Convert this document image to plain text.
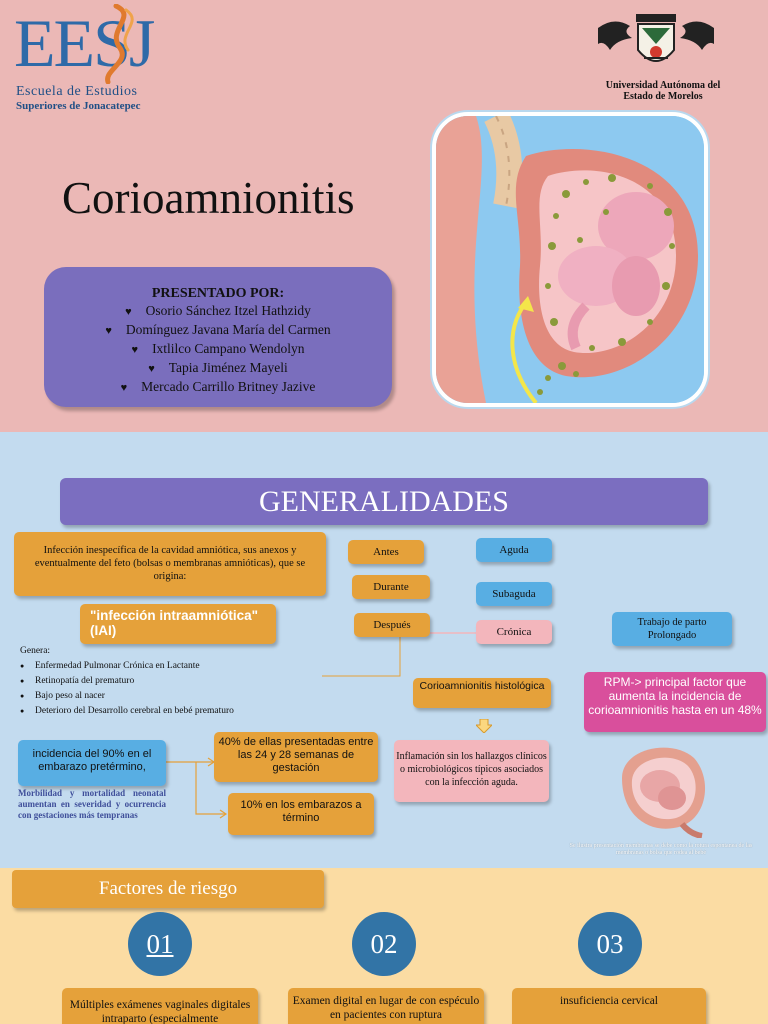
EESJ
Escuela de Estudios
Superiores de Jonacatepec
Universidad Autónoma del
Estado de Morelos
Corioamnionitis
PRESENTADO POR:
♥ Osorio Sánchez Itzel Hathzidy
♥ Domínguez Javana María del Carmen
♥ Ixtlilco Campano Wendolyn
♥ Tapia Jiménez Mayeli
♥ Mercado Carrillo Britney Jazive
GENERALIDADES
Infección inespecífica de la cavidad amniótica, sus anexos y eventualmente del feto (bolsas o membranas amnióticas), que se origina:
"infección intraamniótica" (IAI)
Antes
Durante
Después
Aguda
Subaguda
Crónica
Genera:
● Enfermedad Pulmonar Crónica en Lactante
● Retinopatía del prematuro
● Bajo peso al nacer
● Deterioro del Desarrollo cerebral en bebé prematuro
Corioamnionitis histológica
Inflamación sin los hallazgos clínicos o microbiológicos típicos asociados con la infección aguda.
Trabajo de parto Prolongado
RPM-> principal factor que aumenta la incidencia de corioamnionitis hasta en un 48%
incidencia del 90% en el embarazo pretérmino,
40% de ellas presentadas entre las 24 y 28 semanas de gestación
10% en los embarazos a término
Morbilidad y mortalidad neonatal aumentan en severidad y ocurrencia con gestaciones más tempranas
Se ilustra presentación membranas se debe como la rotura espontanea de las membranas o bolsa que rodea al bebé
Factores de riesgo
01	02	03
Múltiples exámenes vaginales digitales intraparto (especialmente
Examen digital en lugar de con espéculo en pacientes con ruptura
insuficiencia cervical
